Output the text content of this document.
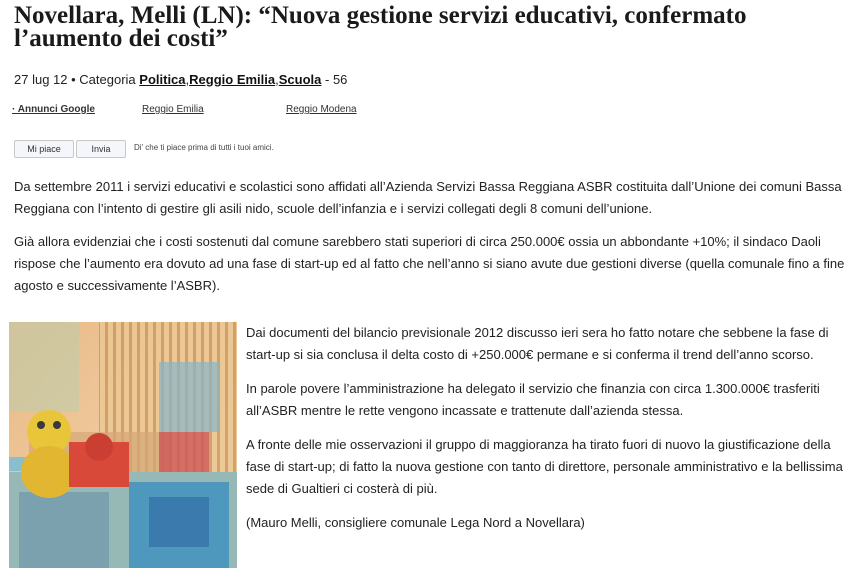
Novellara, Melli (LN): “Nuova gestione servizi educativi, confermato l’aumento dei costi”
27 lug 12 • Categoria Politica,Reggio Emilia,Scuola - 56
· Annunci Google	Reggio Emilia	Reggio Modena
Mi piace	Invia	Di' che ti piace prima di tutti i tuoi amici.

Da settembre 2011 i servizi educativi e scolastici sono affidati all’Azienda Servizi Bassa Reggiana ASBR costituita dall’Unione dei comuni Bassa Reggiana con l’intento di gestire gli asili nido, scuole dell’infanzia e i servizi collegati degli 8 comuni dell’unione.

Già allora evidenziai che i costi sostenuti dal comune sarebbero stati superiori di circa 250.000€ ossia un abbondante +10%; il sindaco Daoli rispose che l’aumento era dovuto ad una fase di start-up ed al fatto che nell’anno si siano avute due gestioni diverse (quella comunale fino a fine agosto e successivamente l’ASBR).

Dai documenti del bilancio previsionale 2012 discusso ieri sera ho fatto notare che sebbene la fase di start-up si sia conclusa il delta costo di +250.000€ permane e si conferma il trend dell’anno scorso.

In parole povere l’amministrazione ha delegato il servizio che finanzia con circa 1.300.000€ trasferiti all’ASBR mentre le rette vengono incassate e trattenute dall’azienda stessa.

A fronte delle mie osservazioni il gruppo di maggioranza ha tirato fuori di nuovo la giustificazione della fase di start-up; di fatto la nuova gestione con tanto di direttore, personale amministrativo e la bellissima sede di Gualtieri ci costerà di più.

(Mauro Melli, consigliere comunale Lega Nord a Novellara)
